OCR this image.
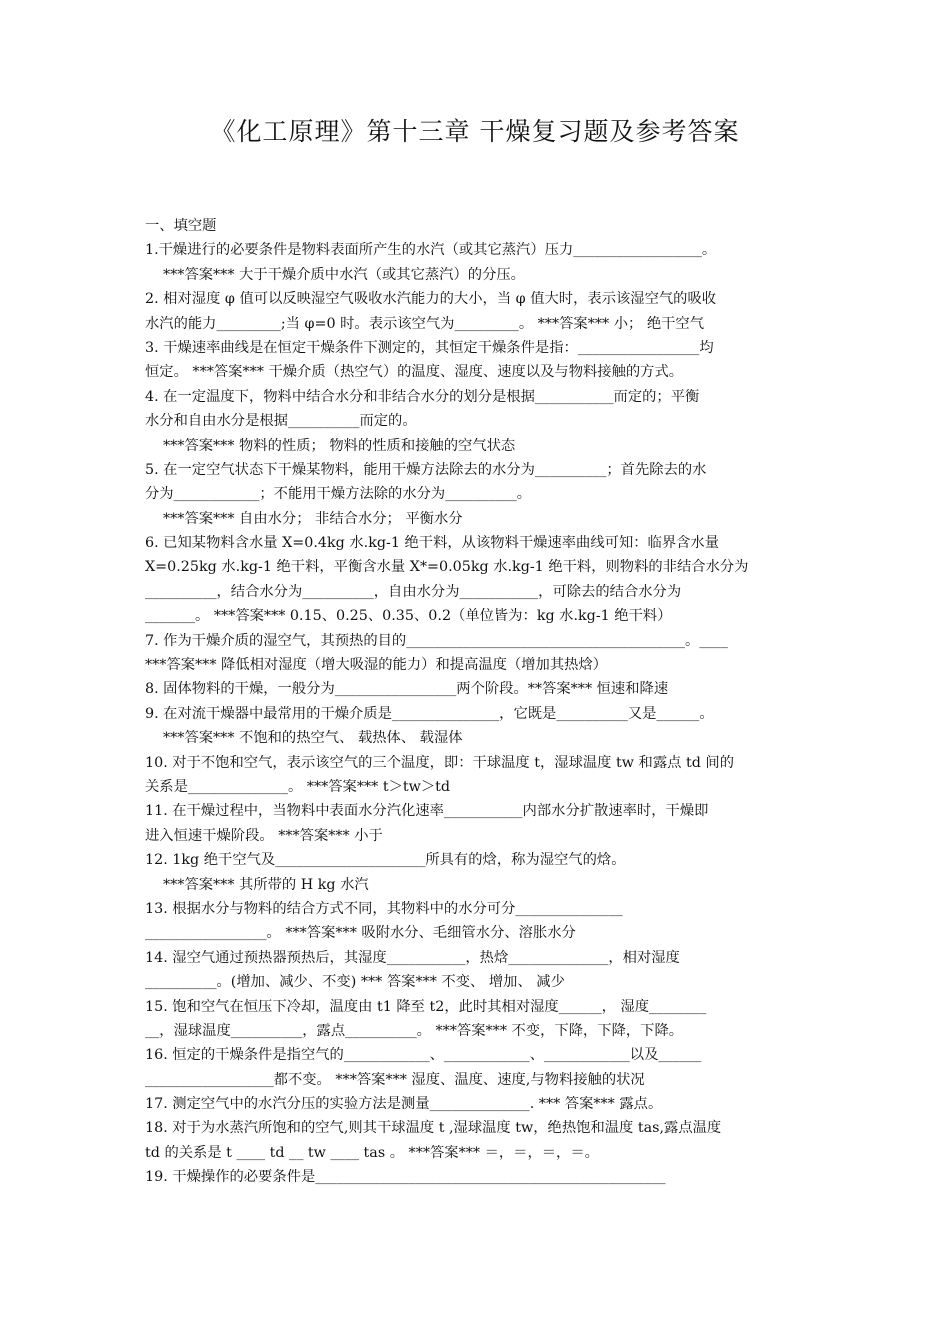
《化工原理》第十三章 干燥复习题及参考答案
一、填空题
1.干燥进行的必要条件是物料表面所产生的水汽（或其它蒸汽）压力__________________。
***答案*** 大于干燥介质中水汽（或其它蒸汽）的分压。
2. 相对湿度 φ 值可以反映湿空气吸收水汽能力的大小，当 φ 值大时，表示该湿空气的吸收
水汽的能力_________;当 φ=0 时。表示该空气为_________。 ***答案*** 小； 绝干空气
3. 干燥速率曲线是在恒定干燥条件下测定的，其恒定干燥条件是指：_________________均
恒定。 ***答案*** 干燥介质（热空气）的温度、湿度、速度以及与物料接触的方式。
4. 在一定温度下，物料中结合水分和非结合水分的划分是根据___________而定的；平衡
水分和自由水分是根据__________而定的。
***答案*** 物料的性质； 物料的性质和接触的空气状态
5. 在一定空气状态下干燥某物料，能用干燥方法除去的水分为__________；首先除去的水
分为____________；不能用干燥方法除的水分为__________。
***答案*** 自由水分； 非结合水分； 平衡水分
6. 已知某物料含水量 X=0.4kg 水.kg-1 绝干料，从该物料干燥速率曲线可知：临界含水量
X=0.25kg 水.kg-1 绝干料，平衡含水量 X*=0.05kg 水.kg-1 绝干料，则物料的非结合水分为
__________，结合水分为__________，自由水分为___________，可除去的结合水分为
_______。 ***答案*** 0.15、0.25、0.35、0.2（单位皆为：kg 水.kg-1 绝干料）
7. 作为干燥介质的湿空气，其预热的目的_______________________________________。____
***答案*** 降低相对湿度（增大吸湿的能力）和提高温度（增加其热焓）
8. 固体物料的干燥，一般分为_________________两个阶段。**答案*** 恒速和降速
9. 在对流干燥器中最常用的干燥介质是_______________，它既是__________又是______。
***答案*** 不饱和的热空气、 载热体、 载湿体
10. 对于不饱和空气，表示该空气的三个温度，即：干球温度 t，湿球温度 tw 和露点 td 间的
关系是______________。 ***答案*** t＞tw＞td
11. 在干燥过程中，当物料中表面水分汽化速率___________内部水分扩散速率时，干燥即
进入恒速干燥阶段。 ***答案*** 小于
12. 1kg 绝干空气及_____________________所具有的焓，称为湿空气的焓。
***答案*** 其所带的 H kg 水汽
13. 根据水分与物料的结合方式不同，其物料中的水分可分_______________
_________________。 ***答案*** 吸附水分、毛细管水分、溶胀水分
14. 湿空气通过预热器预热后，其湿度___________，热焓______________，相对湿度
__________。(增加、减少、不变) *** 答案*** 不变、 增加、 减少
15. 饱和空气在恒压下冷却，温度由 t1 降至 t2，此时其相对湿度______， 湿度________
__，湿球温度__________，露点__________。 ***答案*** 不变，下降，下降，下降。
16. 恒定的干燥条件是指空气的____________、____________、____________以及______
__________________都不变。 ***答案*** 湿度、温度、速度,与物料接触的状况
17. 测定空气中的水汽分压的实验方法是测量______________. *** 答案*** 露点。
18. 对于为水蒸汽所饱和的空气,则其干球温度 t ,湿球温度 tw，绝热饱和温度 tas,露点温度
td 的关系是 t ____ td __ tw ____ tas 。 ***答案*** ＝，＝，＝，＝。
19. 干燥操作的必要条件是_________________________________________________
